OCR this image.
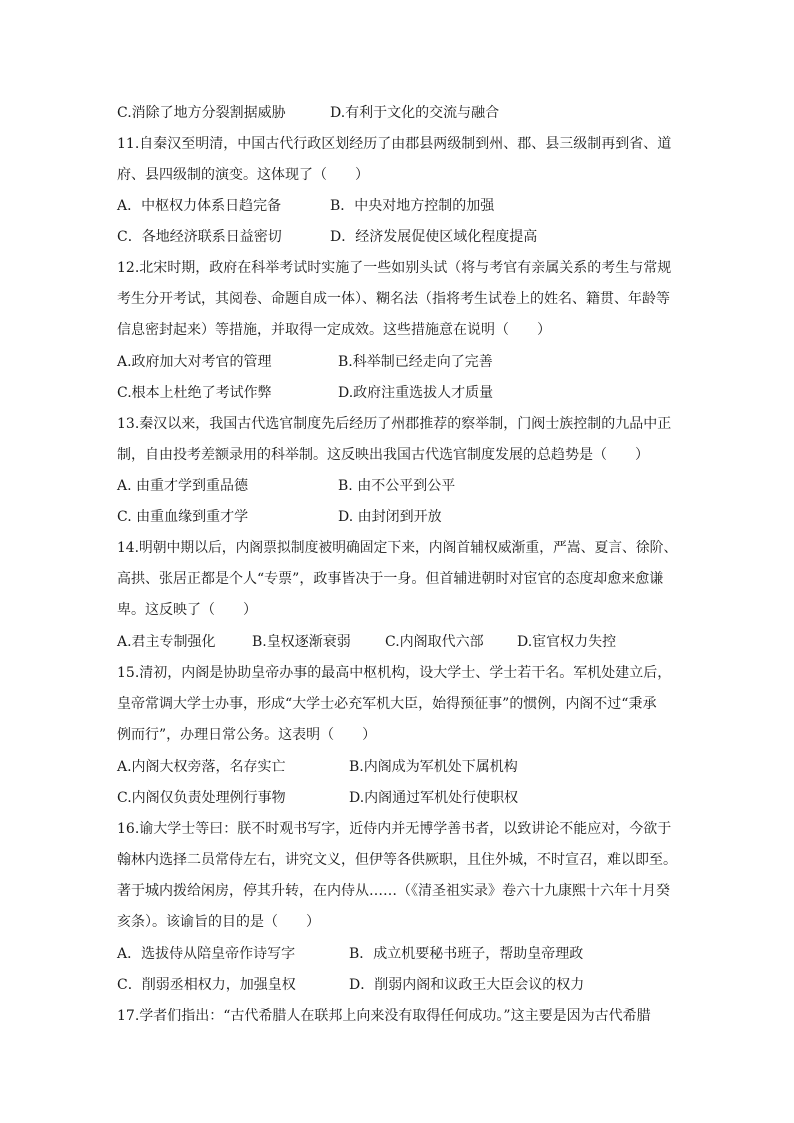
C.消除了地方分裂割据威胁	D.有利于文化的交流与融合
11.自秦汉至明清，中国古代行政区划经历了由郡县两级制到州、郡、县三级制再到省、道
府、县四级制的演变。这体现了（　　）
A．中枢权力体系日趋完备	B．中央对地方控制的加强
C．各地经济联系日益密切	D．经济发展促使区域化程度提高
12.北宋时期，政府在科举考试时实施了一些如别头试（将与考官有亲属关系的考生与常规
考生分开考试，其阅卷、命题自成一体）、糊名法（指将考生试卷上的姓名、籍贯、年龄等
信息密封起来）等措施，并取得一定成效。这些措施意在说明（　　）
A.政府加大对考官的管理	B.科举制已经走向了完善
C.根本上杜绝了考试作弊	D.政府注重选拔人才质量
13.秦汉以来，我国古代选官制度先后经历了州郡推荐的察举制，门阀士族控制的九品中正
制，自由投考差额录用的科举制。这反映出我国古代选官制度发展的总趋势是（　　）
A. 由重才学到重品德	B. 由不公平到公平
C. 由重血缘到重才学	D. 由封闭到开放
14.明朝中期以后，内阁票拟制度被明确固定下来，内阁首辅权威渐重，严嵩、夏言、徐阶、
高拱、张居正都是个人“专票”，政事皆决于一身。但首辅进朝时对宦官的态度却愈来愈谦
卑。这反映了（　　）
A.君主专制强化	B.皇权逐渐衰弱 C.内阁取代六部 D.宦官权力失控
15.清初，内阁是协助皇帝办事的最高中枢机构，设大学士、学士若干名。军机处建立后，
皇帝常调大学士办事，形成“大学士必充军机大臣，始得预征事”的惯例，内阁不过“秉承
例而行”，办理日常公务。这表明（　　）
A.内阁大权旁落，名存实亡	B.内阁成为军机处下属机构
C.内阁仅负责处理例行事物	D.内阁通过军机处行使职权
16.谕大学士等曰：朕不时观书写字，近侍内并无博学善书者，以致讲论不能应对，今欲于
翰林内选择二员常侍左右，讲究文义，但伊等各供厥职，且住外城，不时宣召，难以即至。
著于城内拨给闲房，停其升转，在内侍从……（《清圣祖实录》卷六十九康熙十六年十月癸
亥条）。该谕旨的目的是（　　）
A．选拔侍从陪皇帝作诗写字	B．成立机要秘书班子，帮助皇帝理政
C．削弱丞相权力，加强皇权	D．削弱内阁和议政王大臣会议的权力
17.学者们指出：“古代希腊人在联邦上向来没有取得任何成功。”这主要是因为古代希腊
